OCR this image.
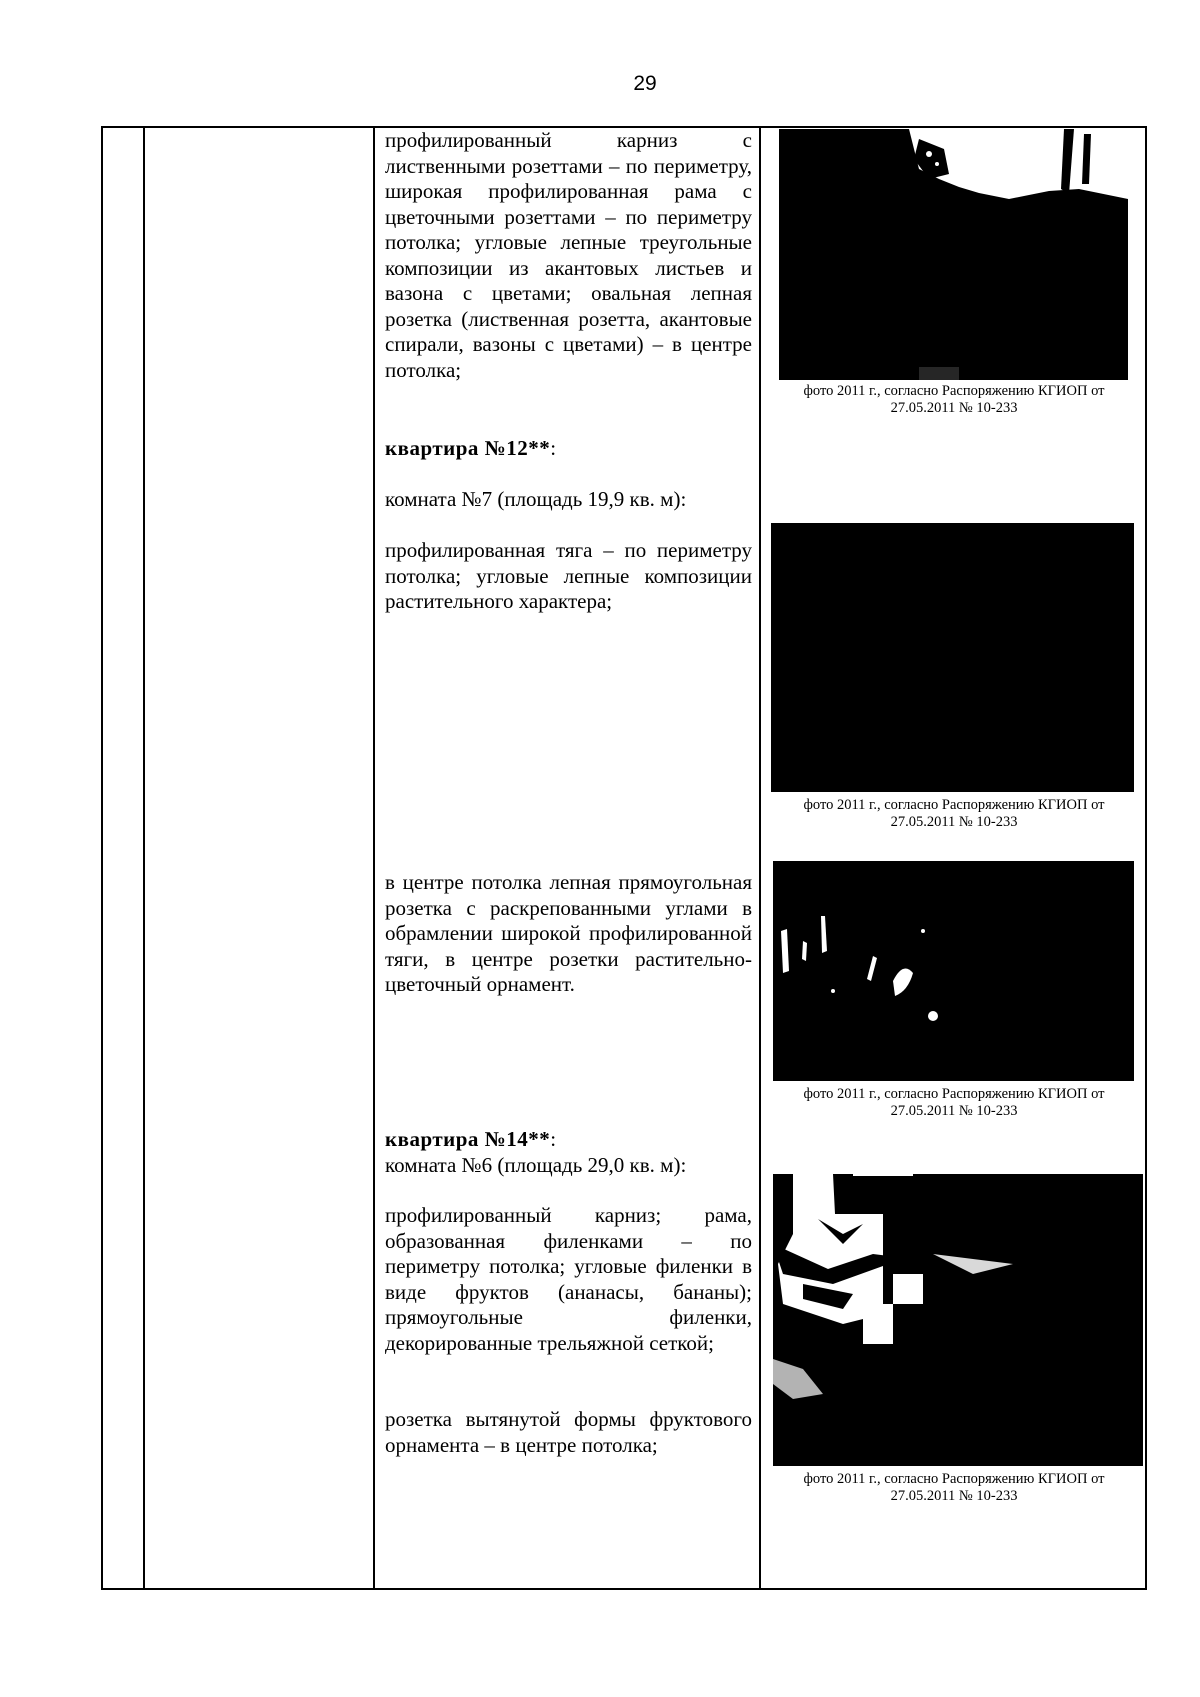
29

профилированный карниз с лиственными розеттами – по периметру, широкая профилированная рама с цветочными розеттами – по периметру потолка; угловые лепные треугольные композиции из акантовых листьев и вазона с цветами; овальная лепная розетка (лиственная розетта, акантовые спирали, вазоны с цветами) – в центре потолка;

квартира №12**:

комната №7 (площадь 19,9 кв. м):

профилированная тяга – по периметру потолка; угловые лепные композиции растительного характера;

в центре потолка лепная прямоугольная розетка с раскрепованными углами в обрамлении широкой профилированной тяги, в центре розетки растительно-цветочный орнамент.

квартира №14**:

комната №6 (площадь 29,0 кв. м):

профилированный карниз; рама, образованная филенками – по периметру потолка; угловые филенки в виде фруктов (ананасы, бананы); прямоугольные филенки, декорированные трельяжной сеткой;

розетка вытянутой формы фруктового орнамента – в центре потолка;

фото 2011 г., согласно Распоряжению КГИОП от
27.05.2011 № 10-233
фото 2011 г., согласно Распоряжению КГИОП от
27.05.2011 № 10-233
фото 2011 г., согласно Распоряжению КГИОП от
27.05.2011 № 10-233
фото 2011 г., согласно Распоряжению КГИОП от
27.05.2011 № 10-233
